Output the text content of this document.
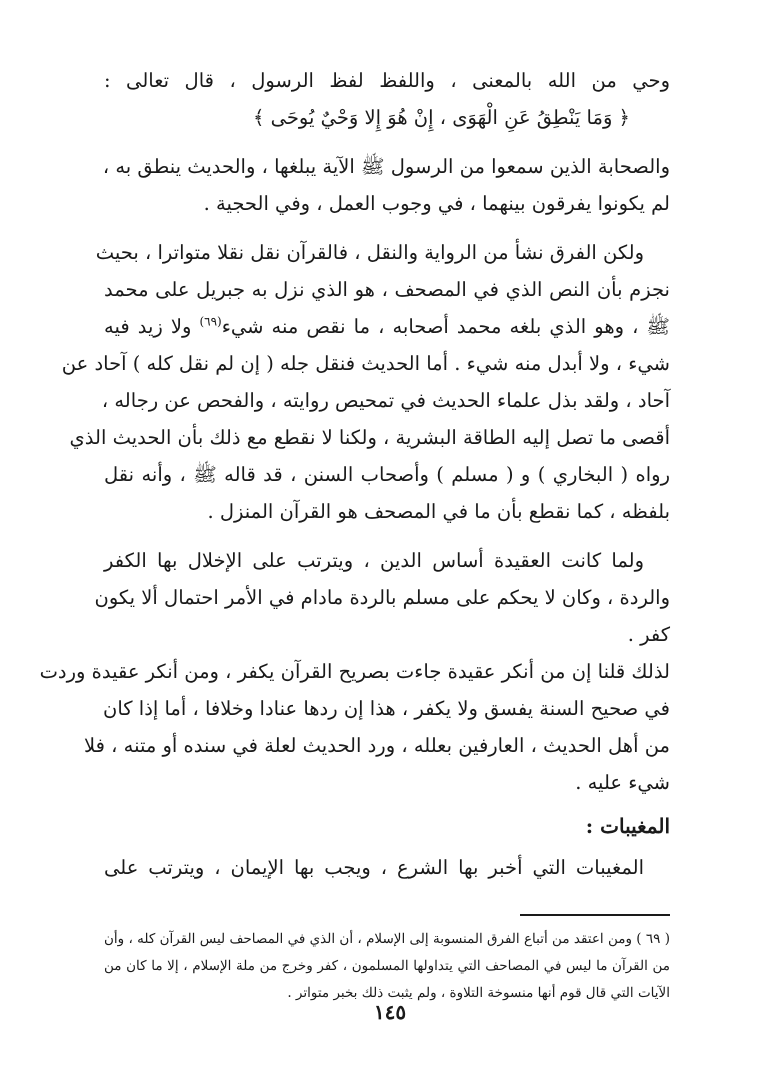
وحي من الله بالمعنى ، واللفظ لفظ الرسول ، قال تعالى :
﴿ وَمَا يَنْطِقُ عَنِ الْهَوَى ، إِنْ هُوَ إِلا وَحْيٌ يُوحَى ﴾
والصحابة الذين سمعوا من الرسول ﷺ الآية يبلغها ، والحديث ينطق به ،
لم يكونوا يفرقون بينهما ، في وجوب العمل ، وفي الحجية .
ولكن الفرق نشأ من الرواية والنقل ، فالقرآن نقل نقلا متواترا ، بحيث
نجزم بأن النص الذي في المصحف ، هو الذي نزل به جبريل على محمد
ﷺ ، وهو الذي بلغه محمد أصحابه ، ما نقص منه شيء$^{(٦٩)}$ ولا زيد فيه
شيء ، ولا أبدل منه شيء . أما الحديث فنقل جله ( إن لم نقل كله ) آحاد عن
آحاد ، ولقد بذل علماء الحديث في تمحيص روايته ، والفحص عن رجاله ،
أقصى ما تصل إليه الطاقة البشرية ، ولكنا لا نقطع مع ذلك بأن الحديث الذي
رواه ( البخاري ) و ( مسلم ) وأصحاب السنن ، قد قاله ﷺ ، وأنه نقل
بلفظه ، كما نقطع بأن ما في المصحف هو القرآن المنزل .
ولما كانت العقيدة أساس الدين ، ويترتب على الإخلال بها الكفر
والردة ، وكان لا يحكم على مسلم بالردة مادام في الأمر احتمال ألا يكون
كفر .
لذلك قلنا إن من أنكر عقيدة جاءت بصريح القرآن يكفر ، ومن أنكر عقيدة وردت
في صحيح السنة يفسق ولا يكفر ، هذا إن ردها عنادا وخلافا ، أما إذا كان
من أهل الحديث ، العارفين بعلله ، ورد الحديث لعلة في سنده أو متنه ، فلا
شيء عليه .
المغيبات :
المغيبات التي أخبر بها الشرع ، ويجب بها الإيمان ، ويترتب على
( ٦٩ ) ومن اعتقد من أتباع الفرق المنسوبة إلى الإسلام ، أن الذي في المصاحف ليس القرآن كله ، وأن
من القرآن ما ليس في المصاحف التي يتداولها المسلمون ، كفر وخرج من ملة الإسلام ، إلا ما كان من
الآيات التي قال قوم أنها منسوخة التلاوة ، ولم يثبت ذلك بخبر متواتر .
١٤٥
